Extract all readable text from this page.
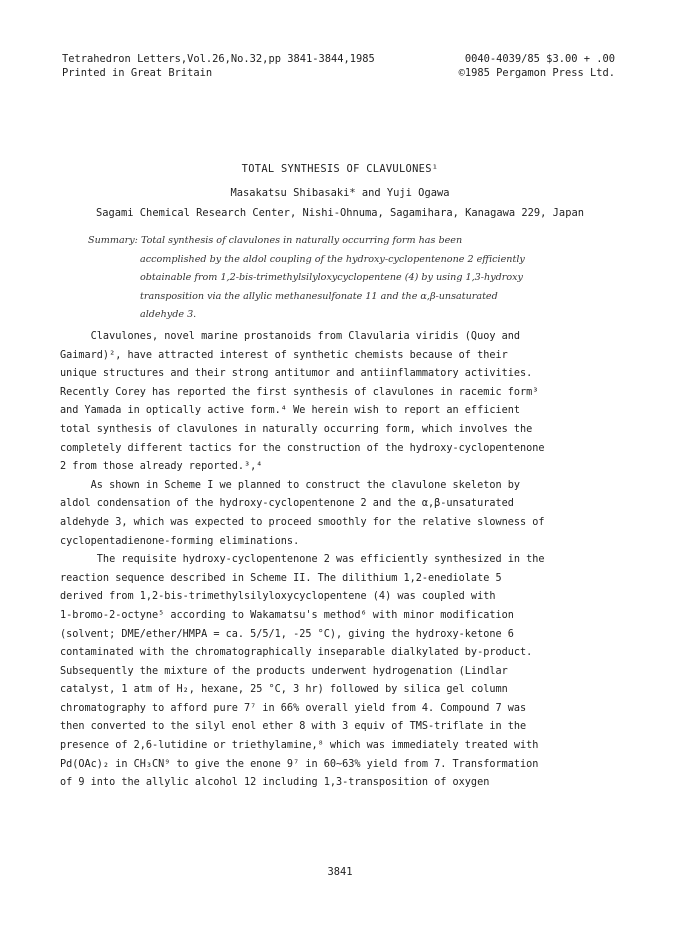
Tetrahedron Letters,Vol.26,No.32,pp 3841-3844,1985
Printed in Great Britain
0040-4039/85 $3.00 + .00
©1985 Pergamon Press Ltd.
TOTAL SYNTHESIS OF CLAVULONES¹
Masakatsu Shibasaki* and Yuji Ogawa
Sagami Chemical Research Center, Nishi-Ohnuma, Sagamihara, Kanagawa 229, Japan
Summary: Total synthesis of clavulones in naturally occurring form has been
accomplished by the aldol coupling of the hydroxy-cyclopentenone 2 efficiently
obtainable from 1,2-bis-trimethylsilyloxycyclopentene (4) by using 1,3-hydroxy
transposition via the allylic methanesulfonate 11 and the α,β-unsaturated
aldehyde 3.
Clavulones, novel marine prostanoids from Clavularia viridis (Quoy and
Gaimard)², have attracted interest of synthetic chemists because of their
unique structures and their strong antitumor and antiinflammatory activities.
Recently Corey has reported the first synthesis of clavulones in racemic form³
and Yamada in optically active form.⁴ We herein wish to report an efficient
total synthesis of clavulones in naturally occurring form, which involves the
completely different tactics for the construction of the hydroxy-cyclopentenone
2 from those already reported.³,⁴
As shown in Scheme I we planned to construct the clavulone skeleton by
aldol condensation of the hydroxy-cyclopentenone 2 and the α,β-unsaturated
aldehyde 3, which was expected to proceed smoothly for the relative slowness of
cyclopentadienone-forming eliminations.
The requisite hydroxy-cyclopentenone 2 was efficiently synthesized in the
reaction sequence described in Scheme II. The dilithium 1,2-enediolate 5
derived from 1,2-bis-trimethylsilyloxycyclopentene (4) was coupled with
1-bromo-2-octyne⁵ according to Wakamatsu's method⁶ with minor modification
(solvent; DME/ether/HMPA = ca. 5/5/1, -25 °C), giving the hydroxy-ketone 6
contaminated with the chromatographically inseparable dialkylated by-product.
Subsequently the mixture of the products underwent hydrogenation (Lindlar
catalyst, 1 atm of H₂, hexane, 25 °C, 3 hr) followed by silica gel column
chromatography to afford pure 7⁷ in 66% overall yield from 4. Compound 7 was
then converted to the silyl enol ether 8 with 3 equiv of TMS-triflate in the
presence of 2,6-lutidine or triethylamine,⁸ which was immediately treated with
Pd(OAc)₂ in CH₃CN⁹ to give the enone 9⁷ in 60~63% yield from 7. Transformation
of 9 into the allylic alcohol 12 including 1,3-transposition of oxygen
3841
